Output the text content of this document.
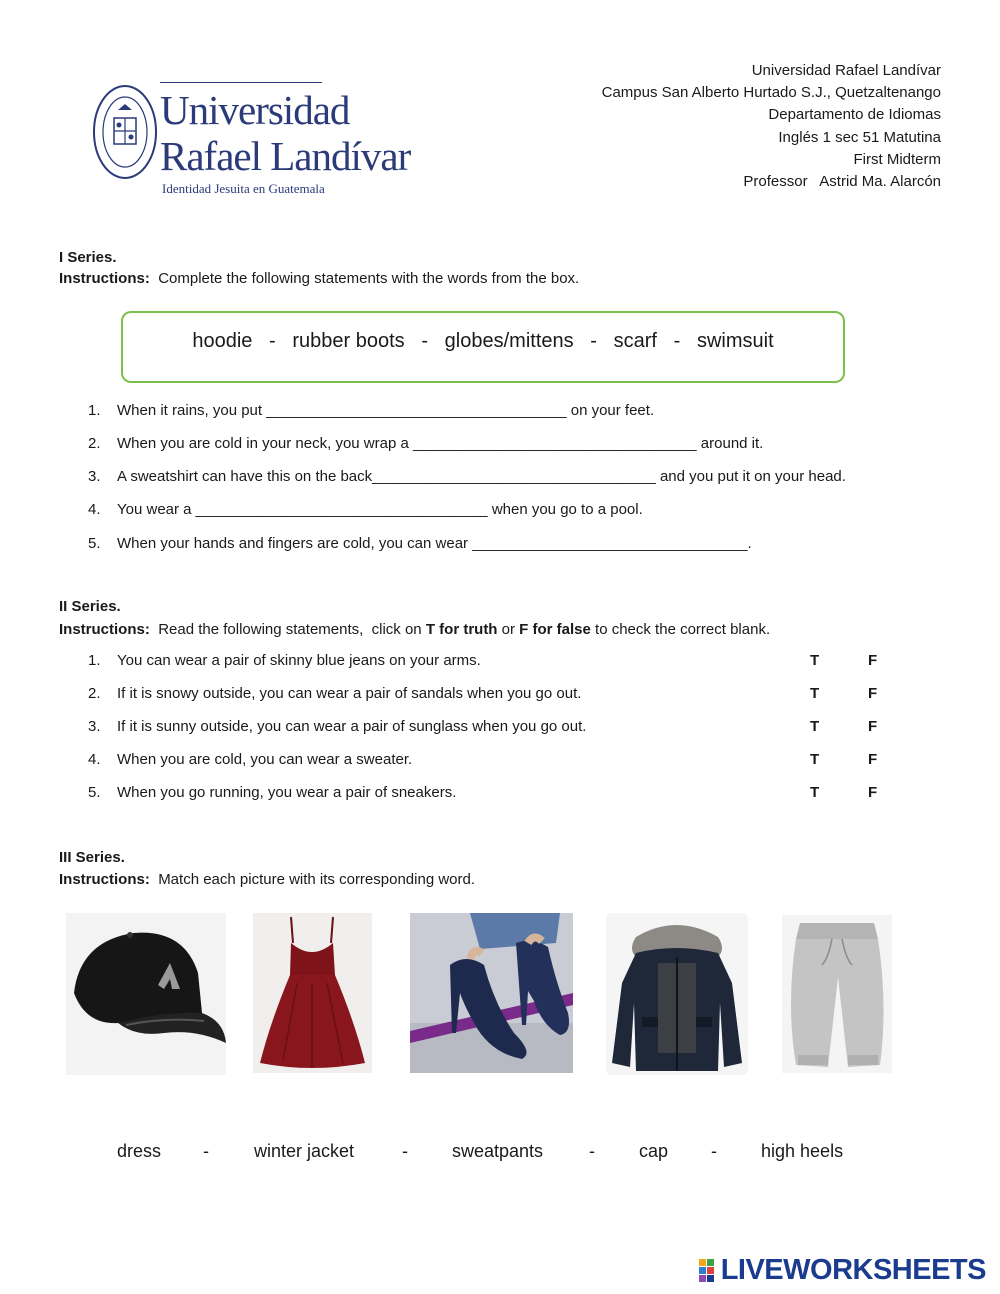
Universidad
Rafael Landívar
Identidad Jesuita en Guatemala
Universidad Rafael Landívar
Campus San Alberto Hurtado S.J., Quetzaltenango
Departamento de Idiomas
Inglés 1 sec 51 Matutina
First Midterm
Professor   Astrid Ma. Alarcón
I Series.
Instructions: Complete the following statements with the words from the box.
hoodie   -   rubber boots   -   globes/mittens   -   scarf   -   swimsuit
1. When it rains, you put ____________________________________ on your feet.
2. When you are cold in your neck, you wrap a __________________________________ around it.
3. A sweatshirt can have this on the back__________________________________ and you put it on your head.
4. You wear a ___________________________________ when you go to a pool.
5. When your hands and fingers are cold, you can wear _________________________________.
II Series.
Instructions: Read the following statements,  click on T for truth or F for false to check the correct blank.
1. You can wear a pair of skinny blue jeans on your arms.	T	F
2. If it is snowy outside, you can wear a pair of sandals when you go out.	T	F
3. If it is sunny outside, you can wear a pair of sunglass when you go out.	T	F
4. When you are cold, you can wear a sweater.	T	F
5. When you go running, you wear a pair of sneakers.	T	F
III Series.
Instructions: Match each picture with its corresponding word.
dress -	winter jacket	- sweatpants	- cap - high heels
LIVEWORKSHEETS
